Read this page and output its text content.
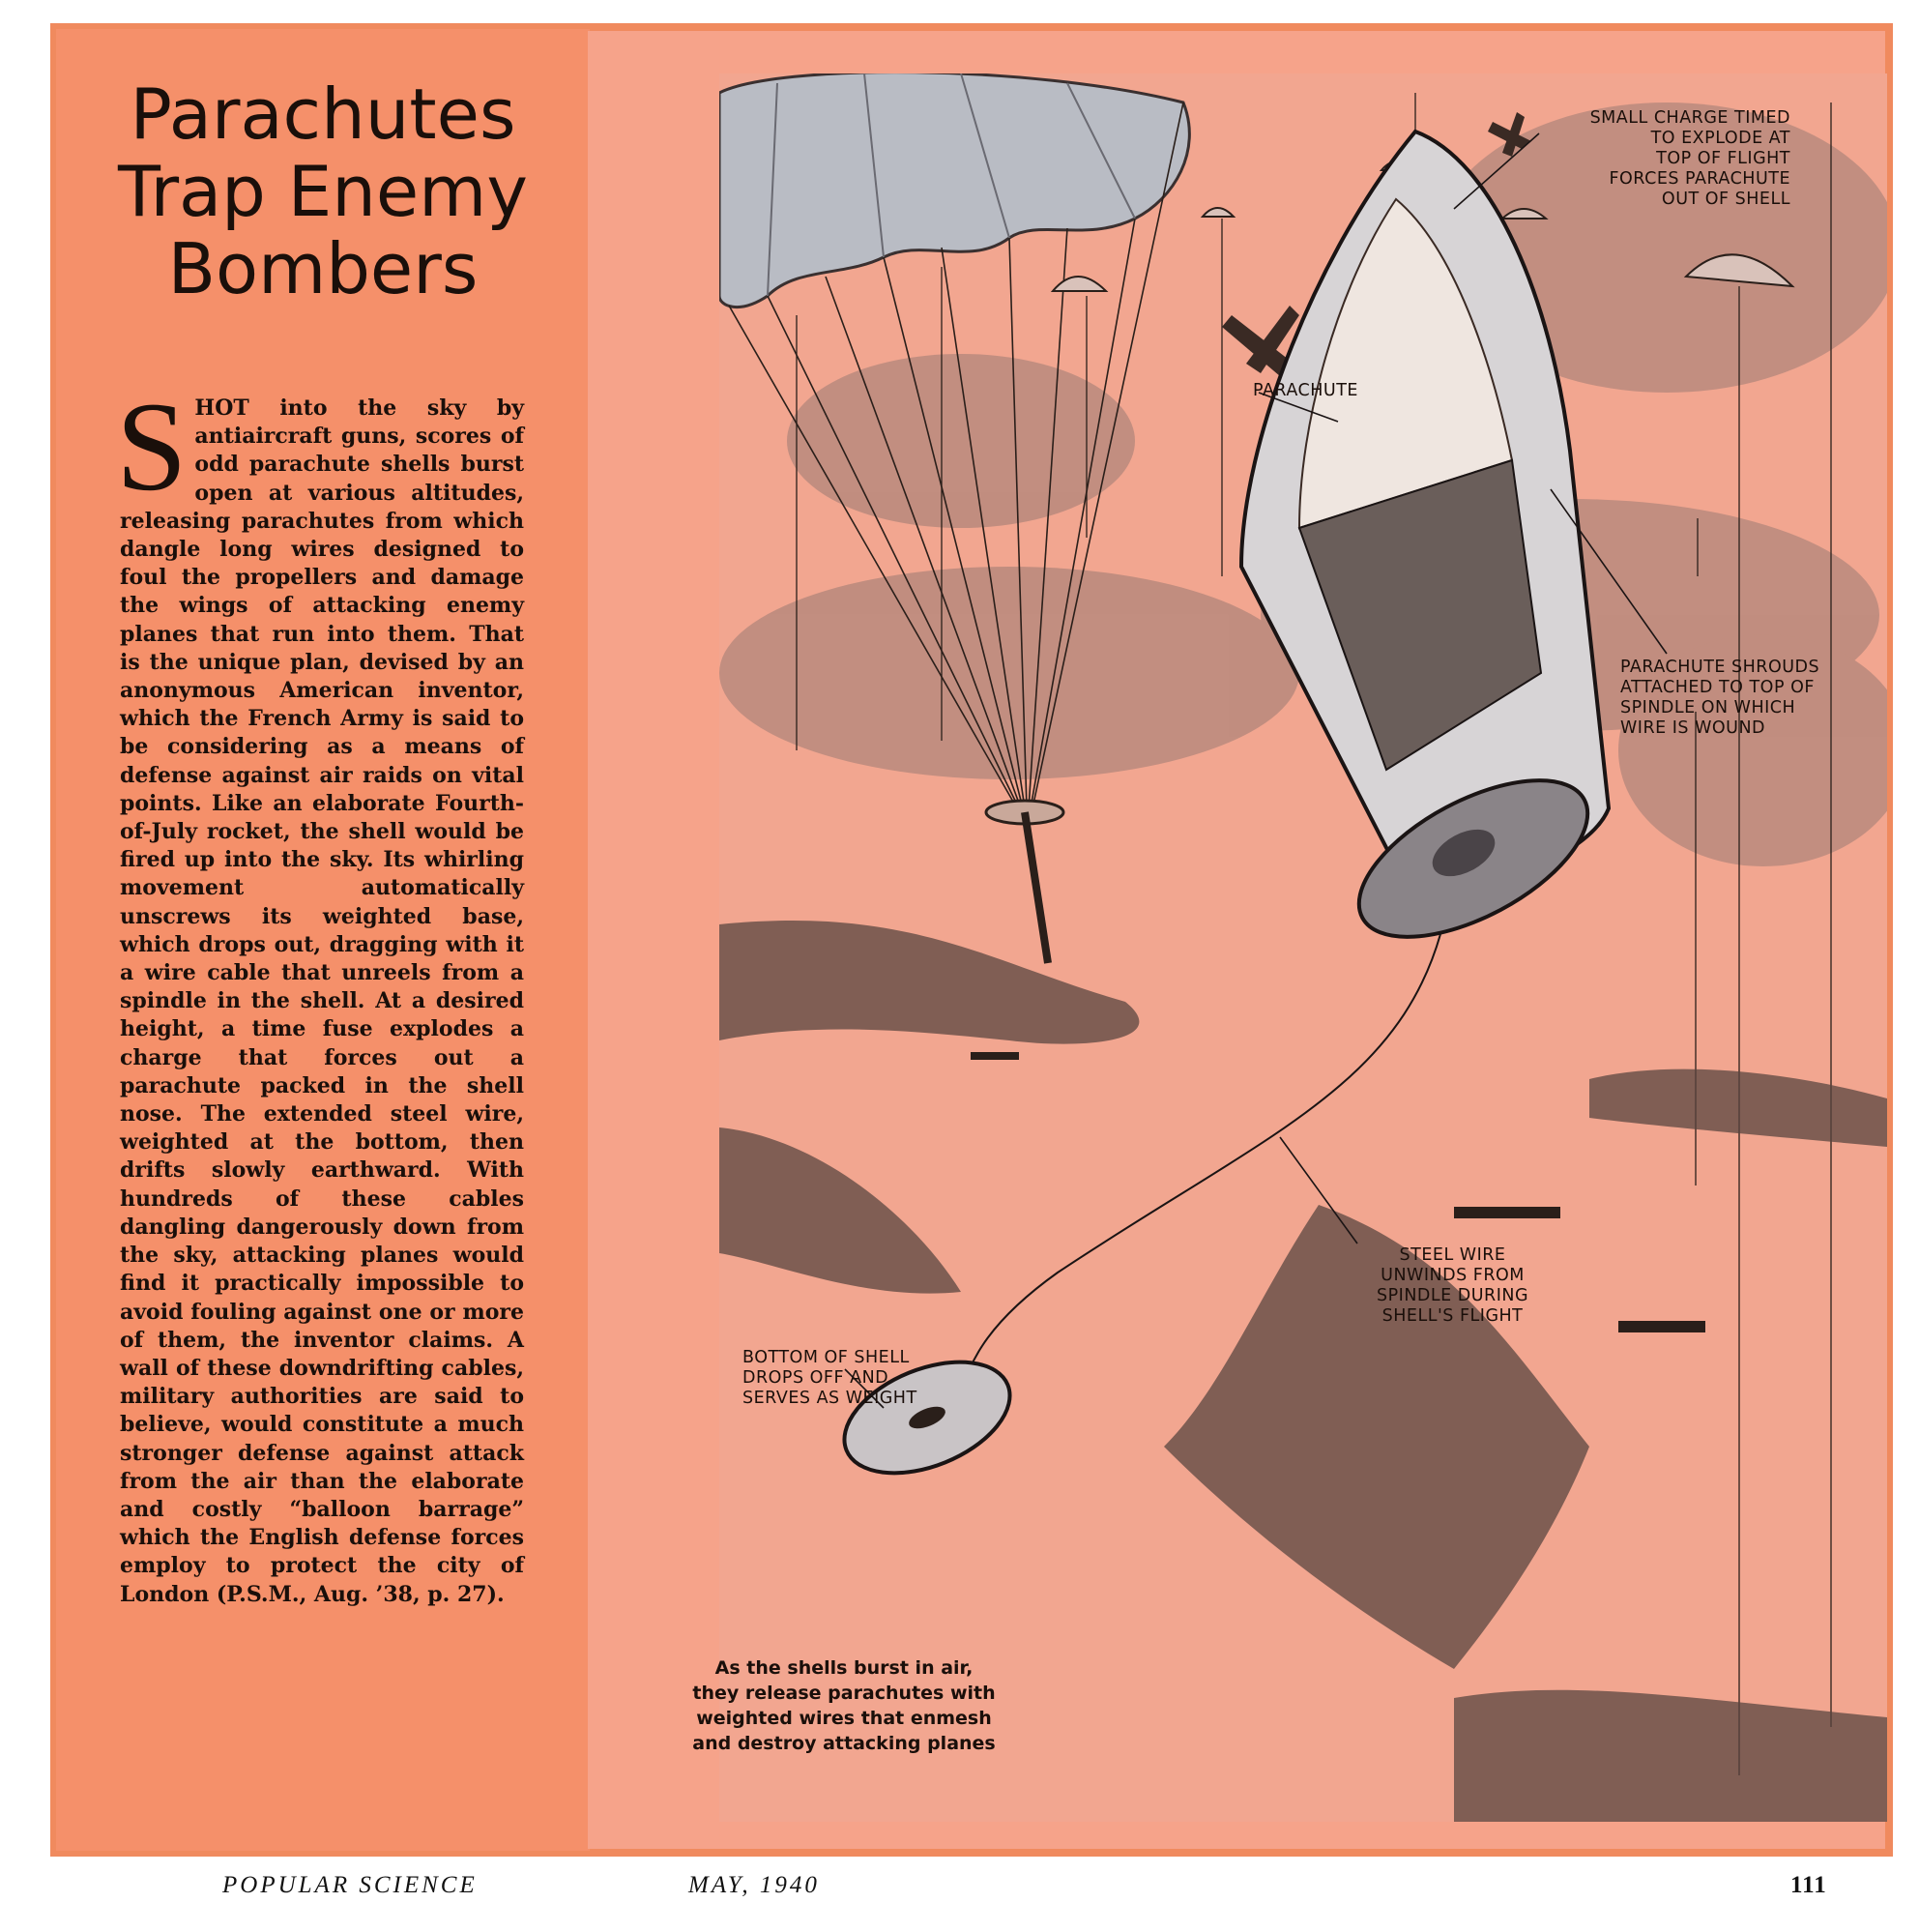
Parachutes
Trap Enemy
Bombers
S HOT into the sky by antiaircraft guns, scores of odd parachute shells burst open at various altitudes, releasing parachutes from which dangle long wires designed to foul the propellers and damage the wings of attacking enemy planes that run into them. That is the unique plan, devised by an anonymous American inventor, which the French Army is said to be considering as a means of defense against air raids on vital points. Like an elaborate Fourth-of-July rocket, the shell would be fired up into the sky. Its whirling movement automatically unscrews its weighted base, which drops out, dragging with it a wire cable that unreels from a spindle in the shell. At a desired height, a time fuse explodes a charge that forces out a parachute packed in the shell nose. The extended steel wire, weighted at the bottom, then drifts slowly earthward. With hundreds of these cables dangling dangerously down from the sky, attacking planes would find it practically impossible to avoid fouling against one or more of them, the inventor claims. A wall of these downdrifting cables, military authorities are said to believe, would constitute a much stronger defense against attack from the air than the elaborate and costly “balloon barrage” which the English defense forces employ to protect the city of London (P.S.M., Aug. ’38, p. 27).
SMALL CHARGE TIMED
TO EXPLODE AT
TOP OF FLIGHT
FORCES PARACHUTE
OUT OF SHELL
PARACHUTE
PARACHUTE SHROUDS
ATTACHED TO TOP OF
SPINDLE ON WHICH
WIRE IS WOUND
STEEL WIRE
UNWINDS FROM
SPINDLE DURING
SHELL'S FLIGHT
BOTTOM OF SHELL
DROPS OFF AND
SERVES AS WEIGHT
As the shells burst in air,
they release parachutes with
weighted wires that enmesh
and destroy attacking planes
POPULAR SCIENCE	MAY, 1940	111
